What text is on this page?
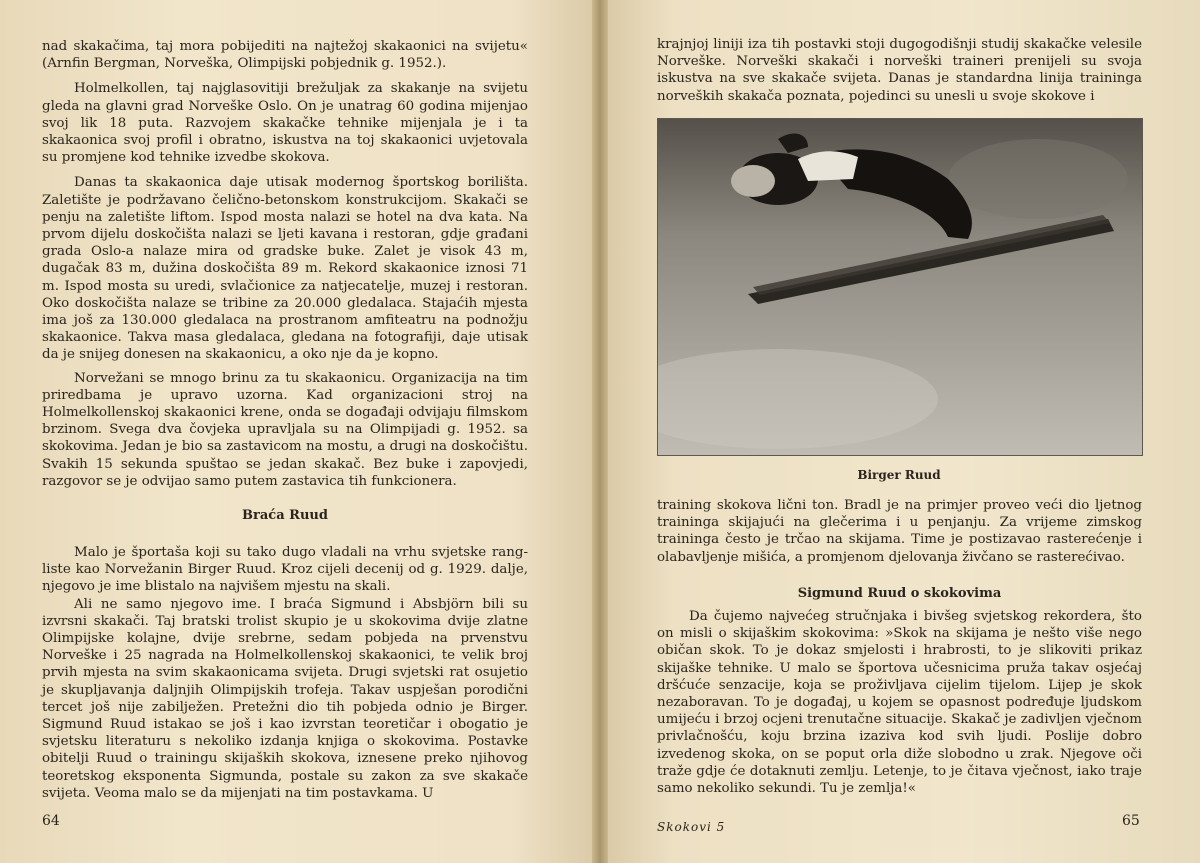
nad skakačima, taj mora pobijediti na najtežoj skakaonici na svijetu« (Arnfin Bergman, Norveška, Olimpijski pobjednik g. 1952.).

Holmelkollen, taj najglasovitiji brežuljak za skakanje na svijetu gleda na glavni grad Norveške Oslo. On je unatrag 60 godina mijenjao svoj lik 18 puta. Razvojem skakačke tehnike mijenjala je i ta skakaonica svoj profil i obratno, iskustva na toj skakaonici uvjetovala su promjene kod tehnike izvedbe skokova.

Danas ta skakaonica daje utisak modernog športskog borilišta. Zaletište je podržavano čelično-betonskom konstrukcijom. Skakači se penju na zaletište liftom. Ispod mosta nalazi se hotel na dva kata. Na prvom dijelu doskočišta nalazi se ljeti kavana i restoran, gdje građani grada Oslo-a nalaze mira od gradske buke. Zalet je visok 43 m, dugačak 83 m, dužina doskočišta 89 m. Rekord skakaonice iznosi 71 m. Ispod mosta su uredi, svlačionice za natjecatelje, muzej i restoran. Oko doskočišta nalaze se tribine za 20.000 gledalaca. Stajaćih mjesta ima još za 130.000 gledalaca na prostranom amfiteatru na podnožju skakaonice. Takva masa gledalaca, gledana na fotografiji, daje utisak da je snijeg donesen na skakaonicu, a oko nje da je kopno.

Norvežani se mnogo brinu za tu skakaonicu. Organizacija na tim priredbama je upravo uzorna. Kad organizacioni stroj na Holmelkollenskoj skakaonici krene, onda se događaji odvijaju filmskom brzinom. Svega dva čovjeka upravljala su na Olimpijadi g. 1952. sa skokovima. Jedan je bio sa zastavicom na mostu, a drugi na doskočištu. Svakih 15 sekunda spuštao se jedan skakač. Bez buke i zapovjedi, razgovor se je odvijao samo putem zastavica tih funkcionera.

Braća Ruud

Malo je športaša koji su tako dugo vladali na vrhu svjetske rang-liste kao Norvežanin Birger Ruud. Kroz cijeli decenij od g. 1929. dalje, njegovo je ime blistalo na najvišem mjestu na skali.

Ali ne samo njegovo ime. I braća Sigmund i Absbjörn bili su izvrsni skakači. Taj bratski trolist skupio je u skokovima dvije zlatne Olimpijske kolajne, dvije srebrne, sedam pobjeda na prvenstvu Norveške i 25 nagrada na Holmelkollenskoj skakaonici, te velik broj prvih mjesta na svim skakaonicama svijeta. Drugi svjetski rat osujetio je skupljavanja daljnjih Olimpijskih trofeja. Takav uspješan porodični tercet još nije zabilježen. Pretežni dio tih pobjeda odnio je Birger. Sigmund Ruud istakao se još i kao izvrstan teoretičar i obogatio je svjetsku literaturu s nekoliko izdanja knjiga o skokovima. Postavke obitelji Ruud o trainingu skijaških skokova, iznesene preko njihovog teoretskog eksponenta Sigmunda, postale su zakon za sve skakače svijeta. Veoma malo se da mijenjati na tim postavkama. U

64

krajnjoj liniji iza tih postavki stoji dugogodišnji studij skakačke velesile Norveške. Norveški skakači i norveški traineri prenijeli su svoja iskustva na sve skakače svijeta. Danas je standardna linija traininga norveških skakača poznata, pojedinci su unesli u svoje skokove i

Birger Ruud

training skokova lični ton. Bradl je na primjer proveo veći dio ljetnog traininga skijajući na glečerima i u penjanju. Za vrijeme zimskog traininga često je trčao na skijama. Time je postizavao rasterećenje i olabavljenje mišića, a promjenom djelovanja živčano se rasterećivao.

Sigmund Ruud o skokovima

Da čujemo najvećeg stručnjaka i bivšeg svjetskog rekordera, što on misli o skijaškim skokovima: »Skok na skijama je nešto više nego običan skok. To je dokaz smjelosti i hrabrosti, to je slikoviti prikaz skijaške tehnike. U malo se športova učesnicima pruža takav osjećaj dršćuće senzacije, koja se proživljava cijelim tijelom. Lijep je skok nezaboravan. To je događaj, u kojem se opasnost podređuje ljudskom umijeću i brzoj ocjeni trenutačne situacije. Skakač je zadivljen vječnom privlačnošću, koju brzina izaziva kod svih ljudi. Poslije dobro izvedenog skoka, on se poput orla diže slobodno u zrak. Njegove oči traže gdje će dotaknuti zemlju. Letenje, to je čitava vječnost, iako traje samo nekoliko sekundi. Tu je zemlja!«

Skokovi 5	65
